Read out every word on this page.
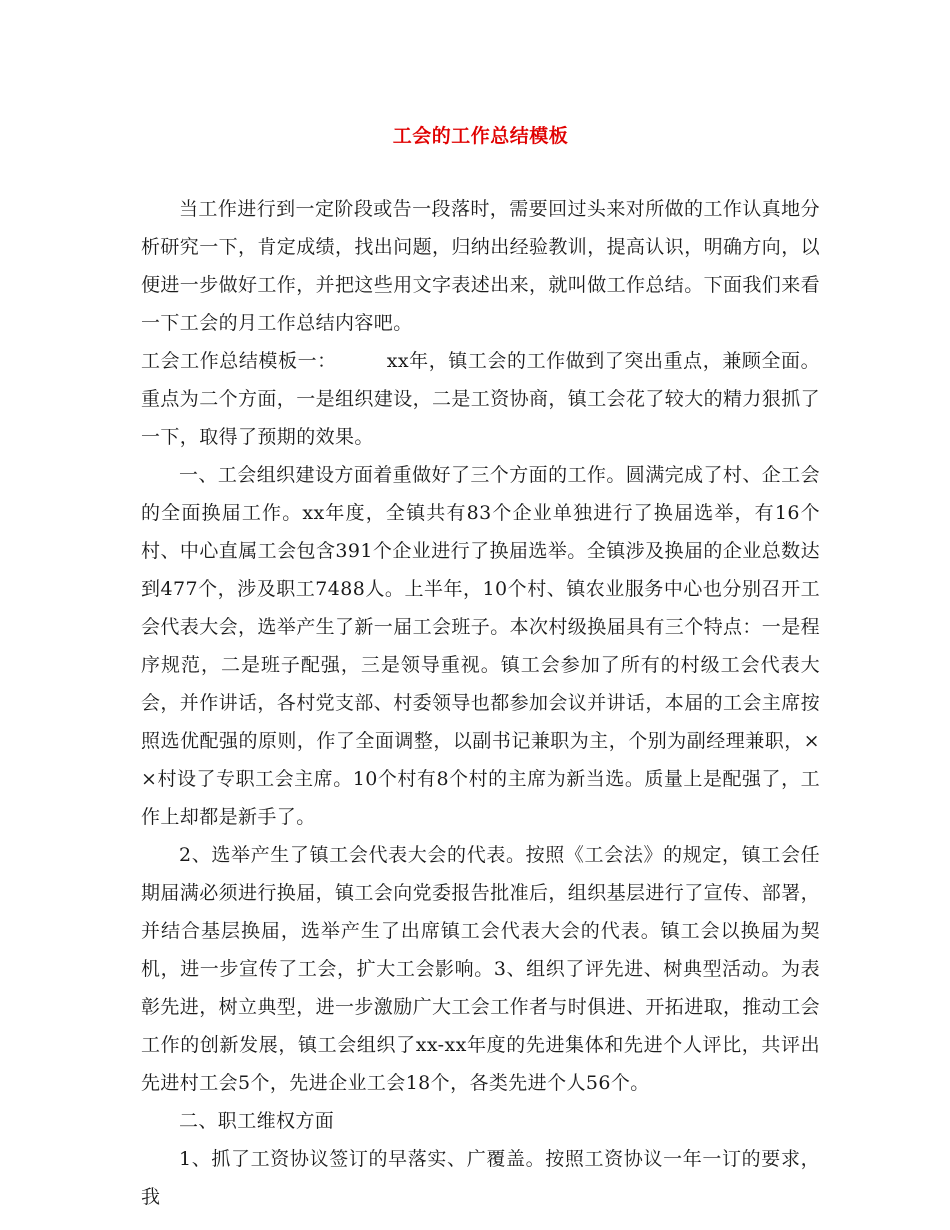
工会的工作总结模板

当工作进行到一定阶段或告一段落时，需要回过头来对所做的工作认真地分析研究一下，肯定成绩，找出问题，归纳出经验教训，提高认识，明确方向，以便进一步做好工作，并把这些用文字表述出来，就叫做工作总结。下面我们来看一下工会的月工作总结内容吧。

工会工作总结模板一：	xx年，镇工会的工作做到了突出重点，兼顾全面。重点为二个方面，一是组织建设，二是工资协商，镇工会花了较大的精力狠抓了一下，取得了预期的效果。

一、工会组织建设方面着重做好了三个方面的工作。圆满完成了村、企工会的全面换届工作。xx年度，全镇共有83个企业单独进行了换届选举，有16个村、中心直属工会包含391个企业进行了换届选举。全镇涉及换届的企业总数达到477个，涉及职工7488人。上半年，10个村、镇农业服务中心也分别召开工会代表大会，选举产生了新一届工会班子。本次村级换届具有三个特点：一是程序规范，二是班子配强，三是领导重视。镇工会参加了所有的村级工会代表大会，并作讲话，各村党支部、村委领导也都参加会议并讲话，本届的工会主席按照选优配强的原则，作了全面调整，以副书记兼职为主，个别为副经理兼职，××村设了专职工会主席。10个村有8个村的主席为新当选。质量上是配强了，工作上却都是新手了。

2、选举产生了镇工会代表大会的代表。按照《工会法》的规定，镇工会任期届满必须进行换届，镇工会向党委报告批准后，组织基层进行了宣传、部署，并结合基层换届，选举产生了出席镇工会代表大会的代表。镇工会以换届为契机，进一步宣传了工会，扩大工会影响。3、组织了评先进、树典型活动。为表彰先进，树立典型，进一步激励广大工会工作者与时俱进、开拓进取，推动工会工作的创新发展，镇工会组织了xx-xx年度的先进集体和先进个人评比，共评出先进村工会5个，先进企业工会18个，各类先进个人56个。

二、职工维权方面

1、抓了工资协议签订的早落实、广覆盖。按照工资协议一年一订的要求，我
